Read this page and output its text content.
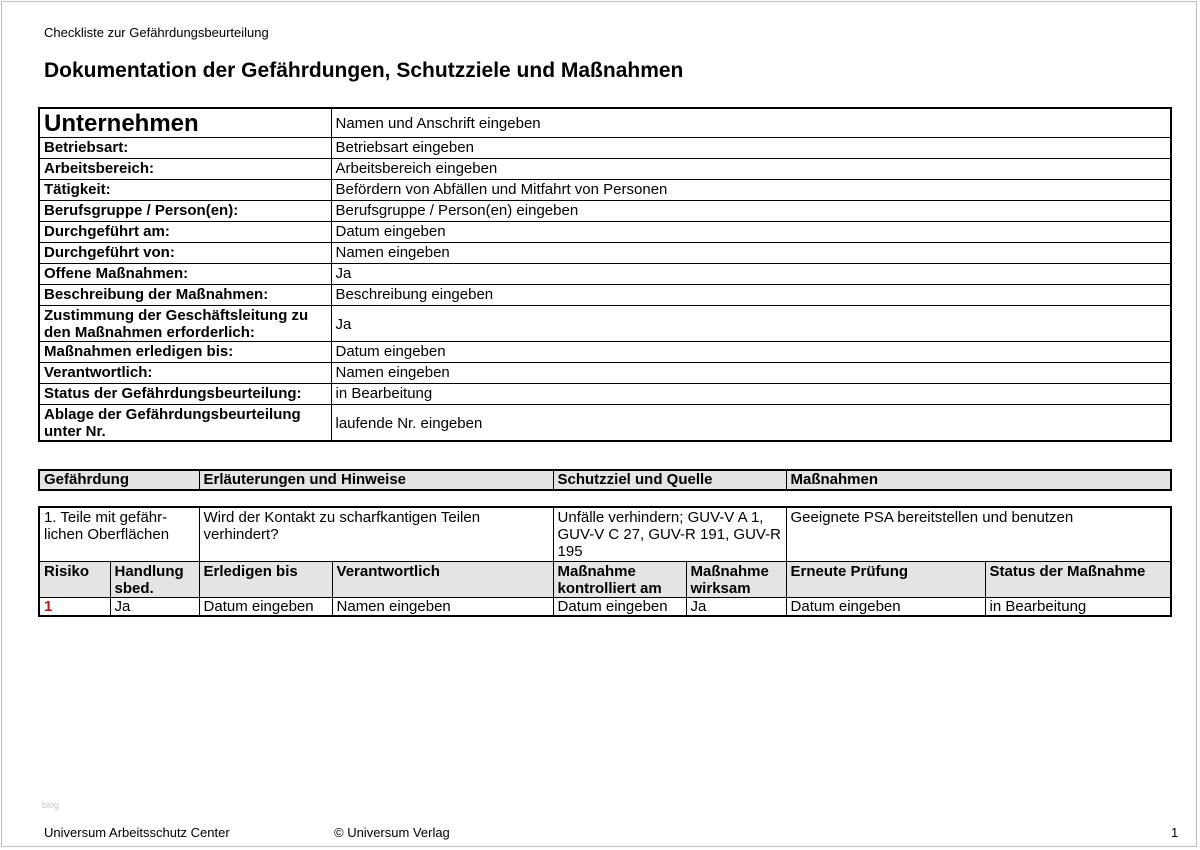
Checkliste zur Gefährdungsbeurteilung
Dokumentation der Gefährdungen, Schutzziele und Maßnahmen
Unternehmen	Namen und Anschrift eingeben
Betriebsart:	Betriebsart eingeben
Arbeitsbereich:	Arbeitsbereich eingeben
Tätigkeit:	Befördern von Abfällen und Mitfahrt von Personen
Berufsgruppe / Person(en):	Berufsgruppe / Person(en) eingeben
Durchgeführt am:	Datum eingeben
Durchgeführt von:	Namen eingeben
Offene Maßnahmen:	Ja
Beschreibung der Maßnahmen:	Beschreibung eingeben
Zustimmung der Geschäftsleitung zu den Maßnahmen erforderlich:	Ja
Maßnahmen erledigen bis:	Datum eingeben
Verantwortlich:	Namen eingeben
Status der Gefährdungsbeurteilung:	in Bearbeitung
Ablage der Gefährdungsbeurteilung unter Nr.	laufende Nr. eingeben
Gefährdung	Erläuterungen und Hinweise	Schutzziel und Quelle	Maßnahmen
1. Teile mit gefähr-lichen Oberflächen		Wird der Kontakt zu scharfkantigen Teilen verhindert?		Unfälle verhindern; GUV-V A 1, GUV-V C 27, GUV-R 191, GUV-R 195		Geeignete PSA bereitstellen und benutzen	
Risiko	Handlung sbed.	Erledigen bis	Verantwortlich	Maßnahme kontrolliert am	Maßnahme wirksam	Erneute Prüfung	Status der Maßnahme
1	Ja	Datum eingeben	Namen eingeben	Datum eingeben	Ja	Datum eingeben	in Bearbeitung
blog
Universum Arbeitsschutz Center	© Universum Verlag	1
